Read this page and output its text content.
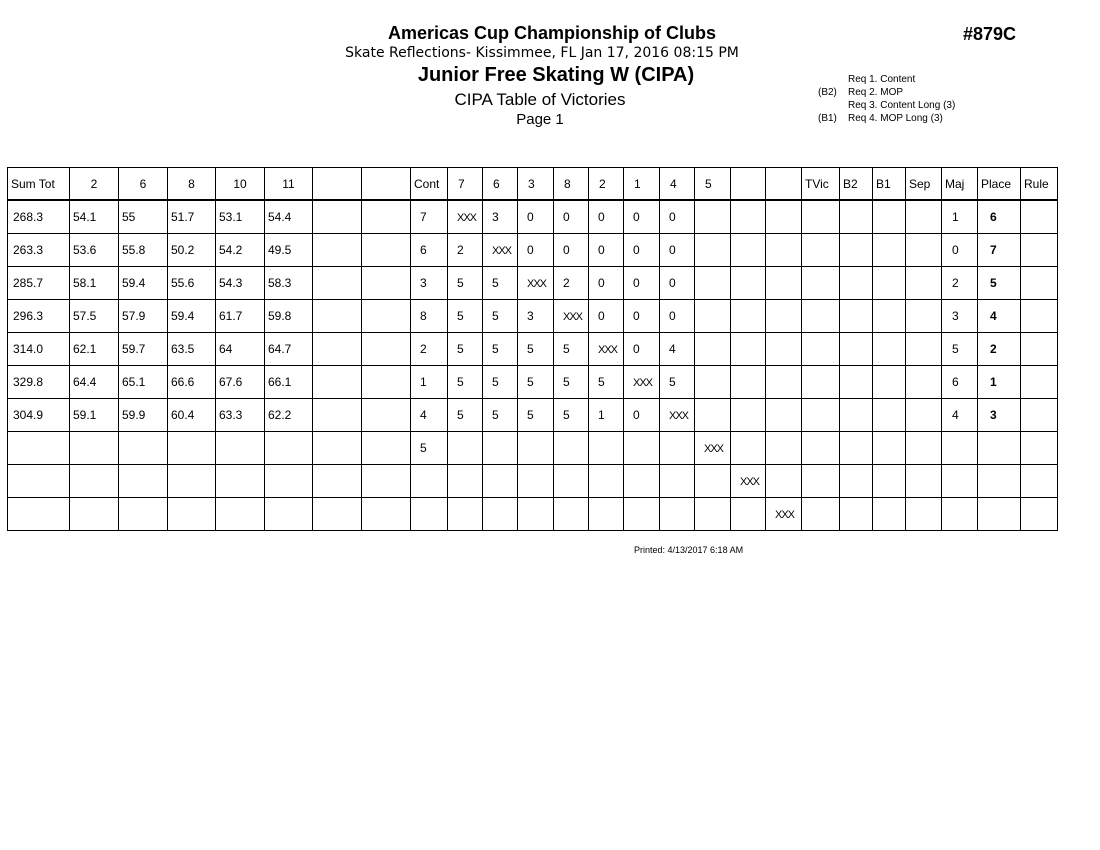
Americas Cup Championship of Clubs
Skate Reflections- Kissimmee, FL Jan 17, 2016 08:15 PM
Junior Free Skating W (CIPA)
CIPA Table of Victories
Page 1
#879C
Req 1. Content
(B2)	Req 2. MOP
Req 3. Content Long (3)
(B1)	Req 4. MOP Long (3)
Sum Tot	2	6	8	10	11			Cont	7	6	3	8	2	1	4	5			TVic	B2	B1	Sep	Maj	Place	Rule
268.3	54.1	55	51.7	53.1	54.4			7	XXX	3	0	0	0	0	0								1	6	
263.3	53.6	55.8	50.2	54.2	49.5			6	2	XXX	0	0	0	0	0								0	7	
285.7	58.1	59.4	55.6	54.3	58.3			3	5	5	XXX	2	0	0	0								2	5	
296.3	57.5	57.9	59.4	61.7	59.8			8	5	5	3	XXX	0	0	0								3	4	
314.0	62.1	59.7	63.5	64	64.7			2	5	5	5	5	XXX	0	4								5	2	
329.8	64.4	65.1	66.6	67.6	66.1			1	5	5	5	5	5	XXX	5								6	1	
304.9	59.1	59.9	60.4	63.3	62.2			4	5	5	5	5	1	0	XXX								4	3	
								5								XXX									
																	XXX								
																		XXX							
Printed: 4/13/2017 6:18 AM
